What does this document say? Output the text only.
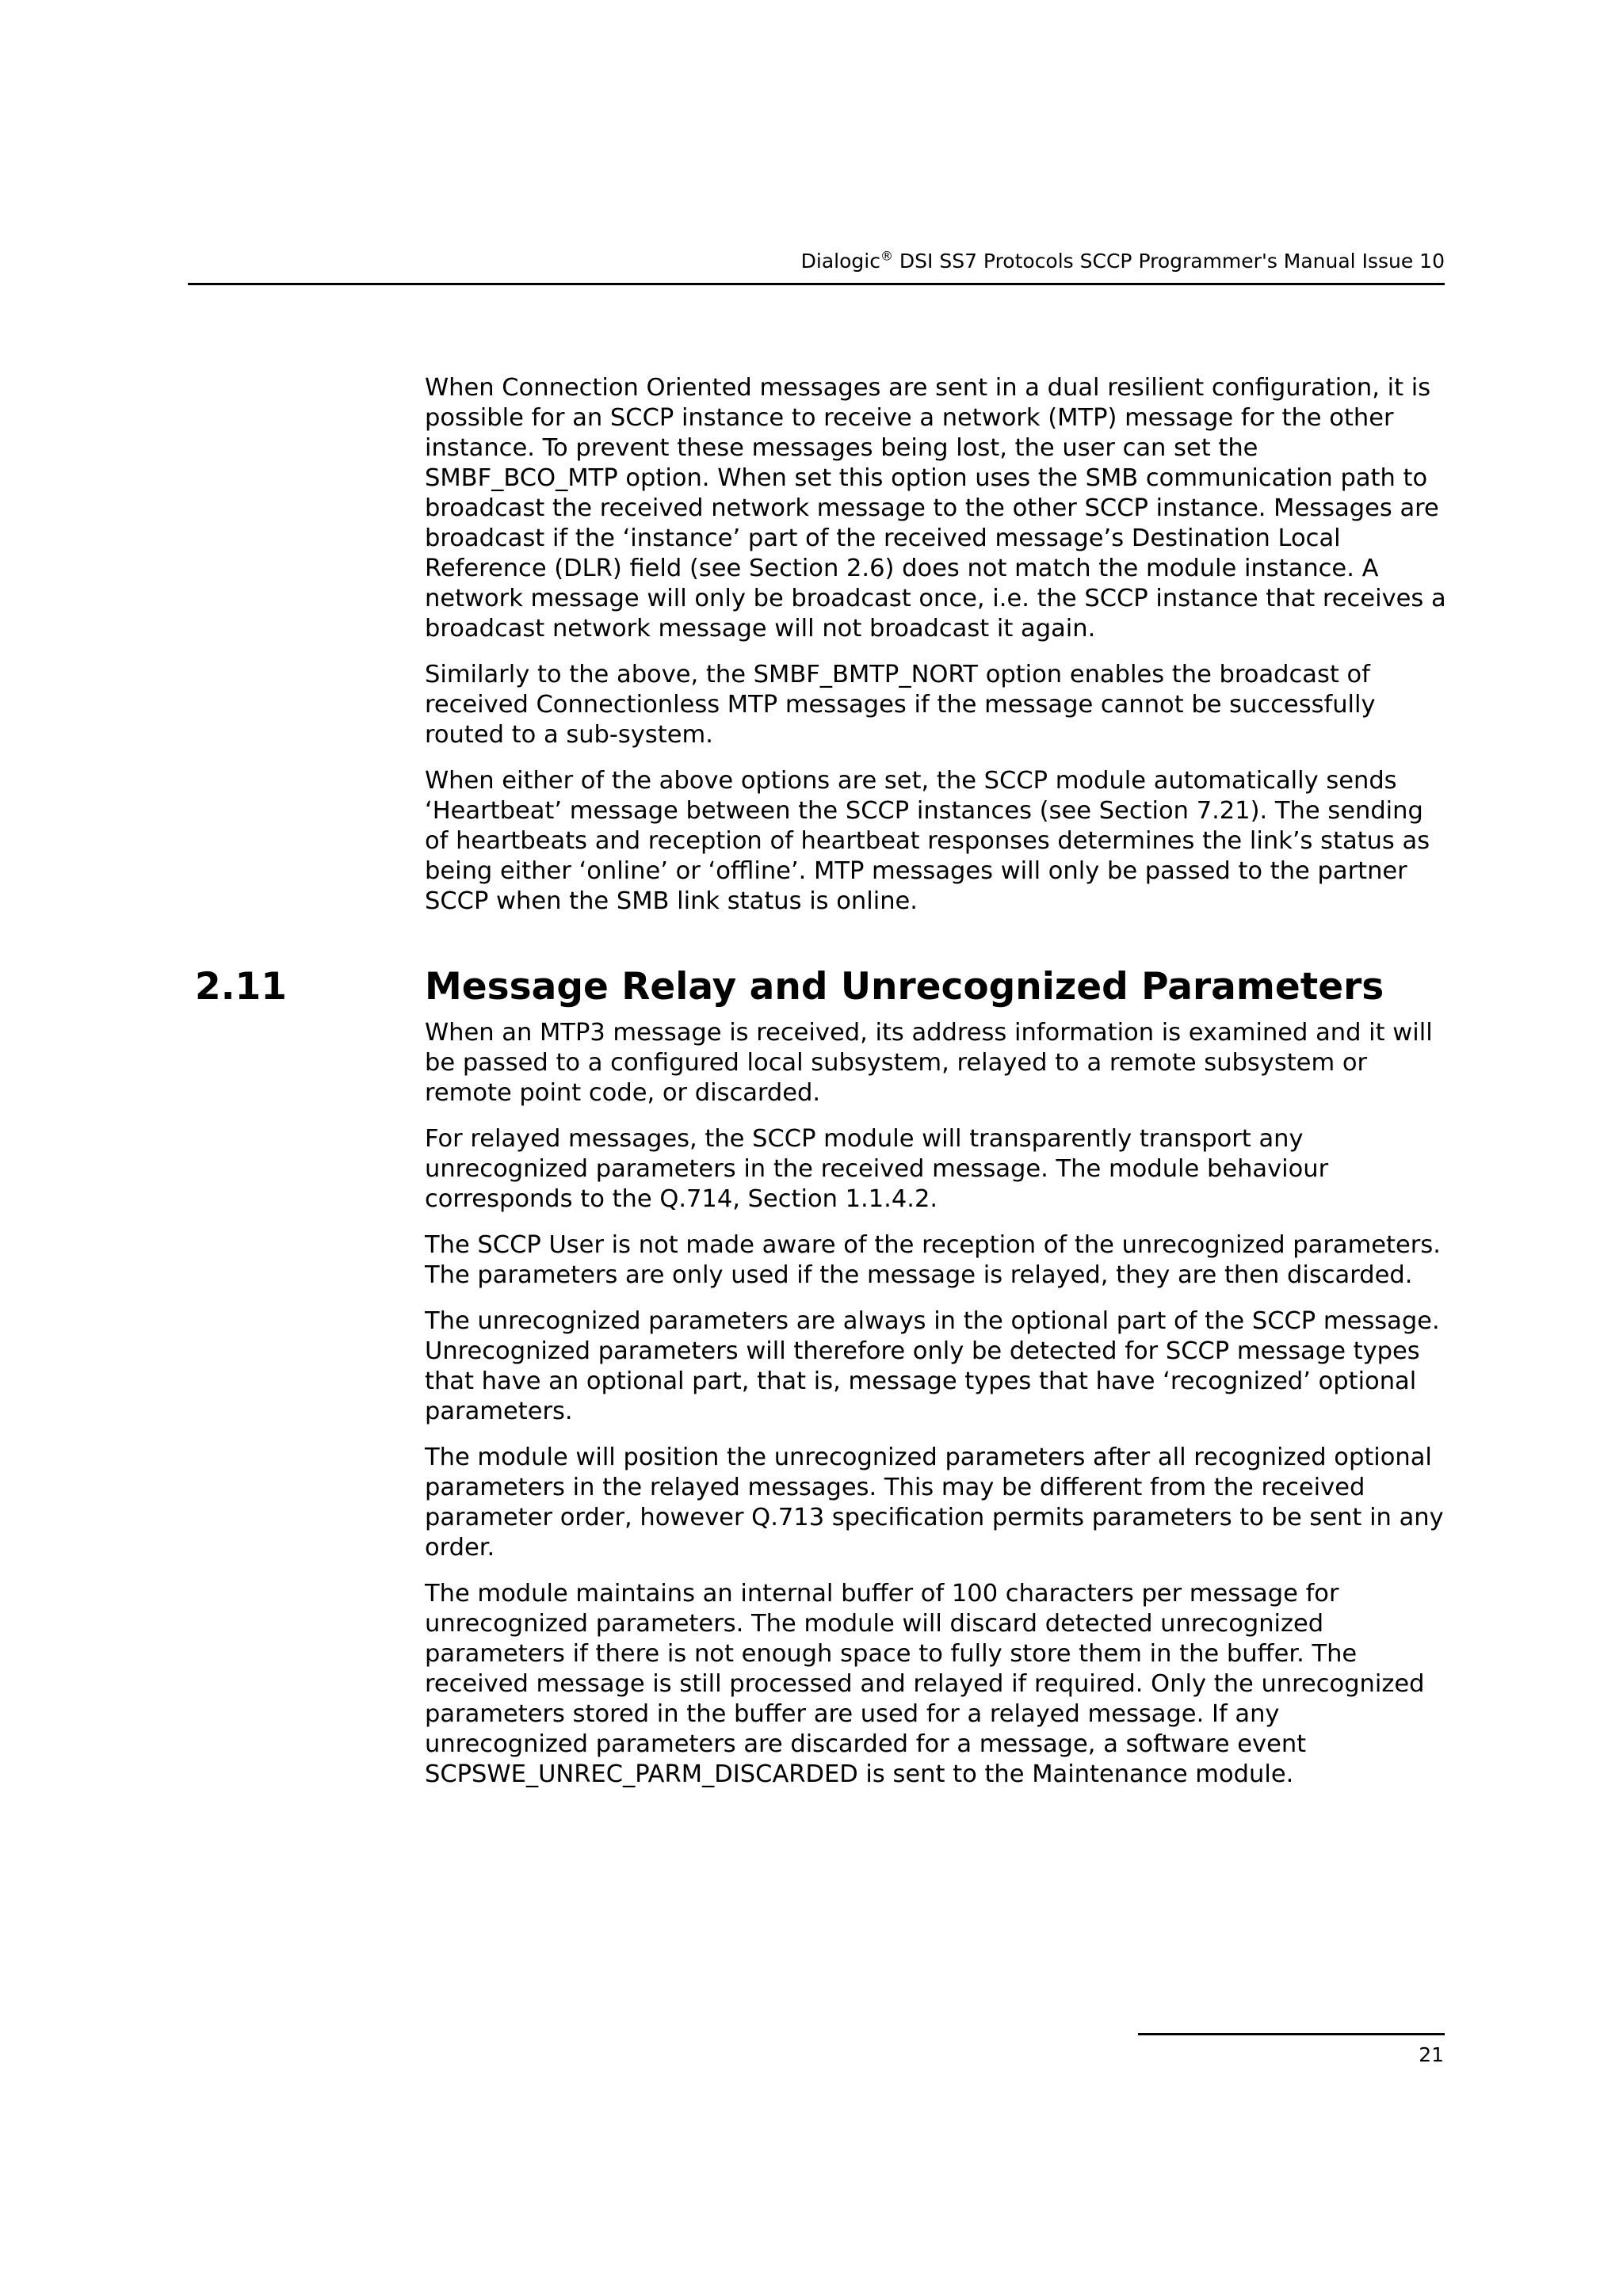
Dialogic® DSI SS7 Protocols SCCP Programmer's Manual Issue 10

When Connection Oriented messages are sent in a dual resilient configuration, it is possible for an SCCP instance to receive a network (MTP) message for the other instance. To prevent these messages being lost, the user can set the SMBF_BCO_MTP option. When set this option uses the SMB communication path to broadcast the received network message to the other SCCP instance. Messages are broadcast if the ‘instance’ part of the received message’s Destination Local Reference (DLR) field (see Section 2.6) does not match the module instance. A network message will only be broadcast once, i.e. the SCCP instance that receives a broadcast network message will not broadcast it again.

Similarly to the above, the SMBF_BMTP_NORT option enables the broadcast of received Connectionless MTP messages if the message cannot be successfully routed to a sub-system.

When either of the above options are set, the SCCP module automatically sends ‘Heartbeat’ message between the SCCP instances (see Section 7.21). The sending of heartbeats and reception of heartbeat responses determines the link’s status as being either ‘online’ or ‘offline’. MTP messages will only be passed to the partner SCCP when the SMB link status is online.

2.11	Message Relay and Unrecognized Parameters

When an MTP3 message is received, its address information is examined and it will be passed to a configured local subsystem, relayed to a remote subsystem or remote point code, or discarded.

For relayed messages, the SCCP module will transparently transport any unrecognized parameters in the received message. The module behaviour corresponds to the Q.714, Section 1.1.4.2.

The SCCP User is not made aware of the reception of the unrecognized parameters. The parameters are only used if the message is relayed, they are then discarded.

The unrecognized parameters are always in the optional part of the SCCP message. Unrecognized parameters will therefore only be detected for SCCP message types that have an optional part, that is, message types that have ‘recognized’ optional parameters.

The module will position the unrecognized parameters after all recognized optional parameters in the relayed messages. This may be different from the received parameter order, however Q.713 specification permits parameters to be sent in any order.

The module maintains an internal buffer of 100 characters per message for unrecognized parameters. The module will discard detected unrecognized parameters if there is not enough space to fully store them in the buffer. The received message is still processed and relayed if required. Only the unrecognized parameters stored in the buffer are used for a relayed message. If any unrecognized parameters are discarded for a message, a software event SCPSWE_UNREC_PARM_DISCARDED is sent to the Maintenance module.

21
